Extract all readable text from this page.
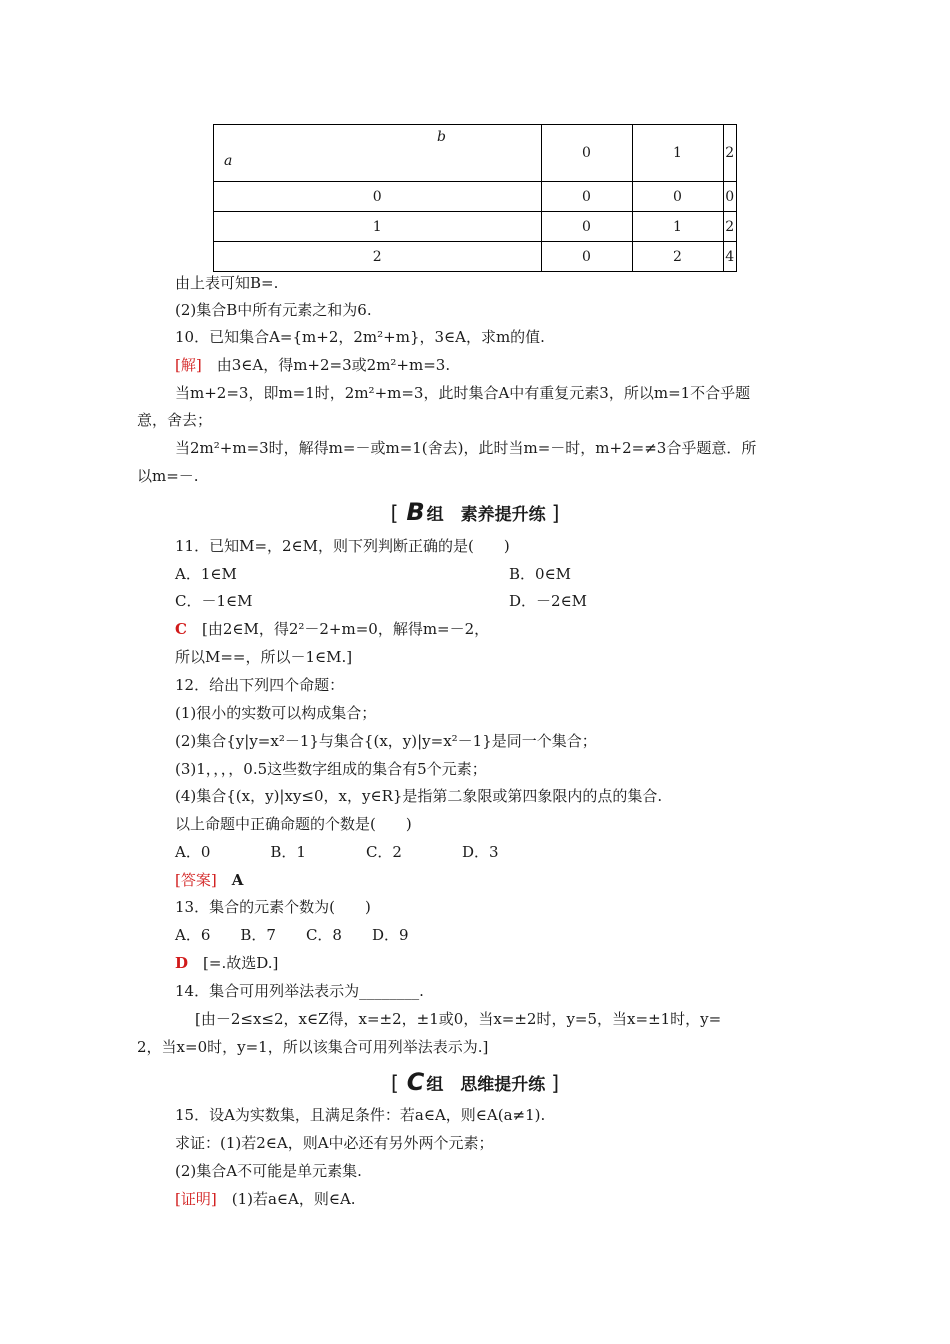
b
a	0	1	2
0	0	0	0
1	0	1	2
2	0	2	4
由上表可知B=.
(2)集合B中所有元素之和为6.
10．已知集合A={m+2，2m²+m}，3∈A，求m的值.
[解]　由3∈A，得m+2=3或2m²+m=3.
当m+2=3，即m=1时，2m²+m=3，此时集合A中有重复元素3，所以m=1不合乎题
意，舍去；
当2m²+m=3时，解得m=－或m=1(舍去)，此时当m=－时，m+2=≠3合乎题意．所
以m=－.
[ B 组　素养提升练 ]
11．已知M=，2∈M，则下列判断正确的是(　　)
A．1∈M	B．0∈M
C．－1∈M	D．－2∈M
C　 [由2∈M，得2²－2+m=0，解得m=－2，
所以M==，所以－1∈M.]
12．给出下列四个命题：
(1)很小的实数可以构成集合；
(2)集合{y|y=x²－1}与集合{(x，y)|y=x²－1}是同一个集合；
(3)1，，，，0.5这些数字组成的集合有5个元素；
(4)集合{(x，y)|xy≤0，x，y∈R}是指第二象限或第四象限内的点的集合.
以上命题中正确命题的个数是(　　)
A．0　　　　B．1　　　　C．2　　　　D．3
[答案]　 A
13．集合的元素个数为(　　)
A．6　　B．7　　C．8　　D．9
D　 [=.故选D.]
14．集合可用列举法表示为________.
[由－2≤x≤2，x∈Z得，x=±2，±1或0，当x=±2时，y=5，当x=±1时，y=
2，当x=0时，y=1，所以该集合可用列举法表示为.]
[ C 组　思维提升练 ]
15．设A为实数集，且满足条件：若a∈A，则∈A(a≠1).
求证：(1)若2∈A，则A中必还有另外两个元素；
(2)集合A不可能是单元素集.
[证明]　(1)若a∈A，则∈A.
